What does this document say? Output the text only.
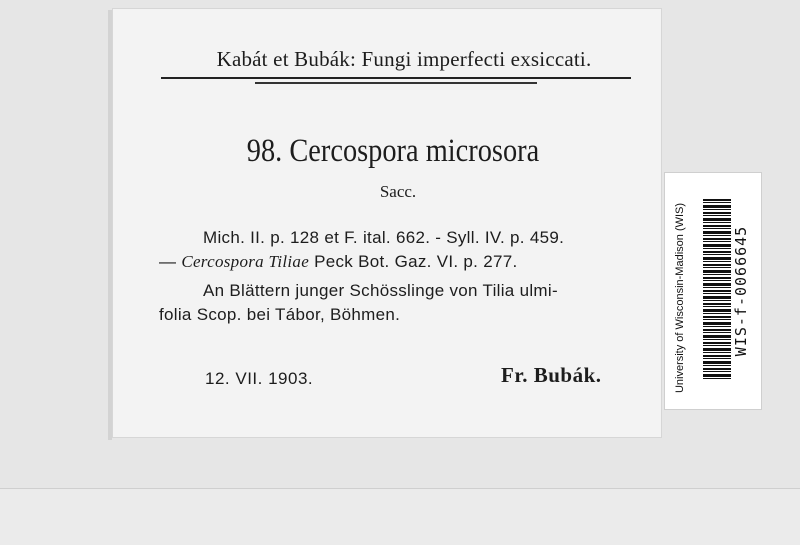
Kabát et Bubák: Fungi imperfecti exsiccati.
98. Cercospora microsora
Sacc.
Mich. II. p. 128 et F. ital. 662. - Syll. IV. p. 459.
— Cercospora Tiliae Peck Bot. Gaz. VI. p. 277.
An Blättern junger Schösslinge von Tilia ulmi-
folia Scop. bei Tábor, Böhmen.
12. VII. 1903.	Fr. Bubák.	University of Wisconsin-Madison (WIS)	WIS-f-0066645
